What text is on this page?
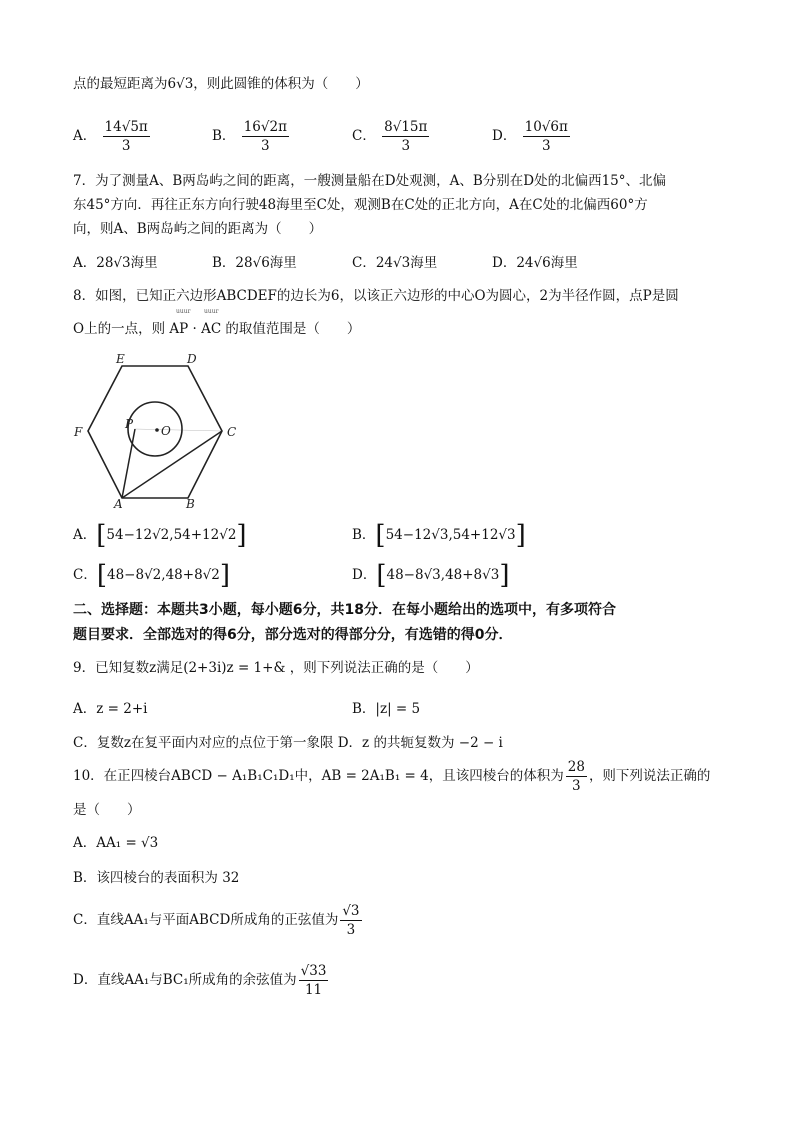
点的最短距离为6√3，则此圆锥的体积为（　　）
A． $\frac{14√5\pi}{3}$	B． $\frac{16√2\pi}{3}$	C． $\frac{8√15\pi}{3}$	D． $\frac{10√6\pi}{3}$
7．为了测量A、B两岛屿之间的距离，一艘测量船在D处观测，A、B分别在D处的北偏西15°、北偏
东45°方向．再往正东方向行驶48海里至C处，观测B在C处的正北方向，A在C处的北偏西60°方
向，则A、B两岛屿之间的距离为（　　）
A．28√3海里	B．28√6海里	C．24√3海里	D．24√6海里
8．如图，已知正六边形ABCDEF的边长为6，以该正六边形的中心O为圆心，2为半径作圆，点P是圆
uuur uuur
O上的一点，则 AP · AC 的取值范围是（　　）
A	B
C
D
E
F	O
P
A．[54−12√2,54+12√2]	B．[54−12√3,54+12√3]
C．[48−8√2,48+8√2]	D．[48−8√3,48+8√3]
二、选择题：本题共3小题，每小题6分，共18分．在每小题给出的选项中，有多项符合
题目要求．全部选对的得6分，部分选对的得部分分，有选错的得0分．
9．已知复数z满足(2+3i)z = 1+& ，则下列说法正确的是（　　）
A．z = 2+i	B．|z| = 5
C．复数z在复平面内对应的点位于第一象限 D．z 的共轭复数为 −2 − i
10．在正四棱台ABCD − A₁B₁C₁D₁中，AB = 2A₁B₁ = 4，且该四棱台的体积为 $\frac{28}{3}$ ，则下列说法正确的
是（　　）
A．AA₁ = √3
B．该四棱台的表面积为 32
C．直线AA₁与平面ABCD所成角的正弦值为 $\frac{√3}{3}$
D．直线AA₁与BC₁所成角的余弦值为 $\frac{√33}{11}$
